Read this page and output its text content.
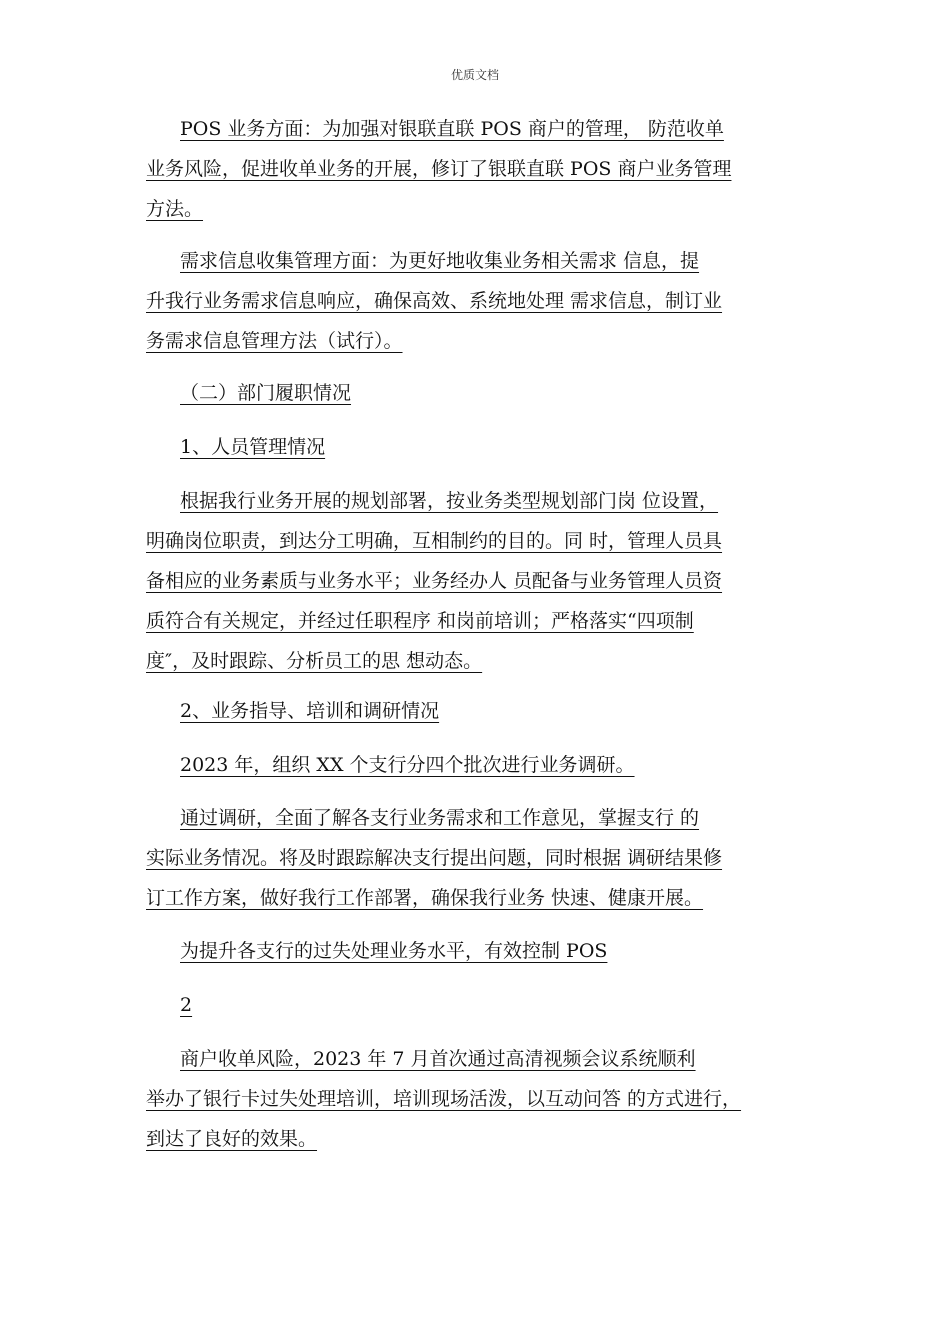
优质文档
POS 业务方面：为加强对银联直联 POS 商户的管理， 防范收单
业务风险，促进收单业务的开展，修订了银联直联 POS 商户业务管理
方法。
需求信息收集管理方面：为更好地收集业务相关需求 信息，提
升我行业务需求信息响应，确保高效、系统地处理 需求信息，制订业
务需求信息管理方法（试行）。
（二）部门履职情况
1、人员管理情况
根据我行业务开展的规划部署，按业务类型规划部门岗 位设置，
明确岗位职责，到达分工明确，互相制约的目的。同 时，管理人员具
备相应的业务素质与业务水平；业务经办人 员配备与业务管理人员资
质符合有关规定，并经过任职程序 和岗前培训；严格落实“四项制
度″，及时跟踪、分析员工的思 想动态。
2、业务指导、培训和调研情况
2023 年，组织 XX 个支行分四个批次进行业务调研。
通过调研，全面了解各支行业务需求和工作意见，掌握支行 的
实际业务情况。将及时跟踪解决支行提出问题，同时根据 调研结果修
订工作方案，做好我行工作部署，确保我行业务 快速、健康开展。
为提升各支行的过失处理业务水平，有效控制 POS
2
商户收单风险，2023 年 7 月首次通过高清视频会议系统顺利
举办了银行卡过失处理培训，培训现场活泼，以互动问答 的方式进行，
到达了良好的效果。
